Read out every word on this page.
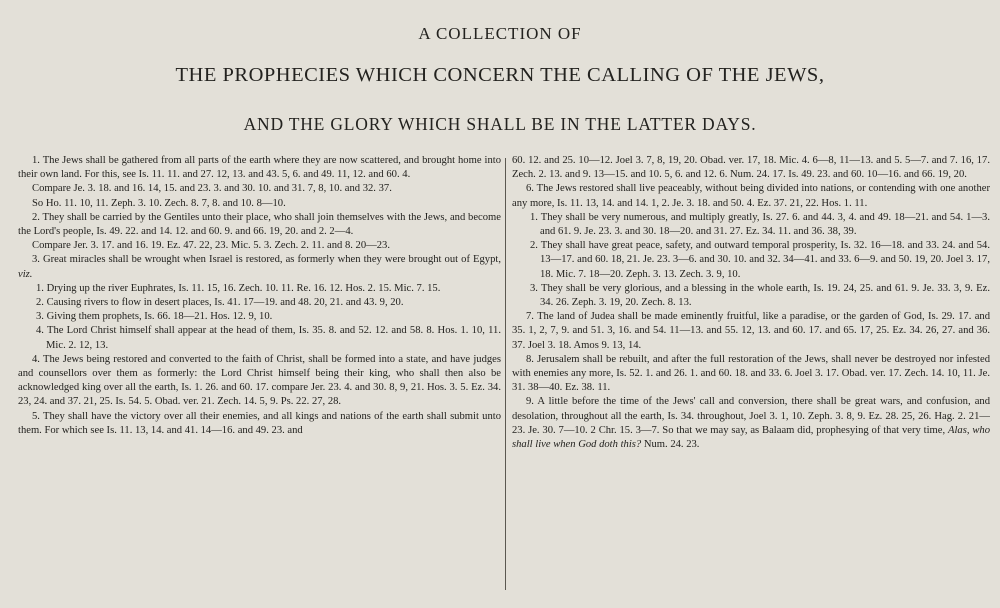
A COLLECTION OF
THE PROPHECIES WHICH CONCERN THE CALLING OF THE JEWS,
AND THE GLORY WHICH SHALL BE IN THE LATTER DAYS.

1. The Jews shall be gathered from all parts of the earth where they are now scattered, and brought home into their own land. For this, see Is. 11. 11. and 27. 12, 13. and 43. 5, 6. and 49. 11, 12. and 60. 4.

Compare Je. 3. 18. and 16. 14, 15. and 23. 3. and 30. 10. and 31. 7, 8, 10. and 32. 37.

So Ho. 11. 10, 11. Zeph. 3. 10. Zech. 8. 7, 8. and 10. 8—10.

2. They shall be carried by the Gentiles unto their place, who shall join themselves with the Jews, and become the Lord's people, Is. 49. 22. and 14. 12. and 60. 9. and 66. 19, 20. and 2. 2—4.

Compare Jer. 3. 17. and 16. 19. Ez. 47. 22, 23. Mic. 5. 3. Zech. 2. 11. and 8. 20—23.

3. Great miracles shall be wrought when Israel is restored, as formerly when they were brought out of Egypt, viz.

1. Drying up the river Euphrates, Is. 11. 15, 16. Zech. 10. 11. Re. 16. 12. Hos. 2. 15. Mic. 7. 15.

2. Causing rivers to flow in desert places, Is. 41. 17—19. and 48. 20, 21. and 43. 9, 20.

3. Giving them prophets, Is. 66. 18—21. Hos. 12. 9, 10.

4. The Lord Christ himself shall appear at the head of them, Is. 35. 8. and 52. 12. and 58. 8. Hos. 1. 10, 11. Mic. 2. 12, 13.

4. The Jews being restored and converted to the faith of Christ, shall be formed into a state, and have judges and counsellors over them as formerly: the Lord Christ himself being their king, who shall then also be acknowledged king over all the earth, Is. 1. 26. and 60. 17. compare Jer. 23. 4. and 30. 8, 9, 21. Hos. 3. 5. Ez. 34. 23, 24. and 37. 21, 25. Is. 54. 5. Obad. ver. 21. Zech. 14. 5, 9. Ps. 22. 27, 28.

5. They shall have the victory over all their enemies, and all kings and nations of the earth shall submit unto them. For which see Is. 11. 13, 14. and 41. 14—16. and 49. 23. and

60. 12. and 25. 10—12. Joel 3. 7, 8, 19, 20. Obad. ver. 17, 18. Mic. 4. 6—8, 11—13. and 5. 5—7. and 7. 16, 17. Zech. 2. 13. and 9. 13—15. and 10. 5, 6. and 12. 6. Num. 24. 17. Is. 49. 23. and 60. 10—16. and 66. 19, 20.

6. The Jews restored shall live peaceably, without being divided into nations, or contending with one another any more, Is. 11. 13, 14. and 14. 1, 2. Je. 3. 18. and 50. 4. Ez. 37. 21, 22. Hos. 1. 11.

1. They shall be very numerous, and multiply greatly, Is. 27. 6. and 44. 3, 4. and 49. 18—21. and 54. 1—3. and 61. 9. Je. 23. 3. and 30. 18—20. and 31. 27. Ez. 34. 11. and 36. 38, 39.

2. They shall have great peace, safety, and outward temporal prosperity, Is. 32. 16—18. and 33. 24. and 54. 13—17. and 60. 18, 21. Je. 23. 3—6. and 30. 10. and 32. 34—41. and 33. 6—9. and 50. 19, 20. Joel 3. 17, 18. Mic. 7. 18—20. Zeph. 3. 13. Zech. 3. 9, 10.

3. They shall be very glorious, and a blessing in the whole earth, Is. 19. 24, 25. and 61. 9. Je. 33. 3, 9. Ez. 34. 26. Zeph. 3. 19, 20. Zech. 8. 13.

7. The land of Judea shall be made eminently fruitful, like a paradise, or the garden of God, Is. 29. 17. and 35. 1, 2, 7, 9. and 51. 3, 16. and 54. 11—13. and 55. 12, 13. and 60. 17. and 65. 17, 25. Ez. 34. 26, 27. and 36. 37. Joel 3. 18. Amos 9. 13, 14.

8. Jerusalem shall be rebuilt, and after the full restoration of the Jews, shall never be destroyed nor infested with enemies any more, Is. 52. 1. and 26. 1. and 60. 18. and 33. 6. Joel 3. 17. Obad. ver. 17. Zech. 14. 10, 11. Je. 31. 38—40. Ez. 38. 11.

9. A little before the time of the Jews' call and conversion, there shall be great wars, and confusion, and desolation, throughout all the earth, Is. 34. throughout, Joel 3. 1, 10. Zeph. 3. 8, 9. Ez. 28. 25, 26. Hag. 2. 21—23. Je. 30. 7—10. 2 Chr. 15. 3—7. So that we may say, as Balaam did, prophesying of that very time, Alas, who shall live when God doth this? Num. 24. 23.
